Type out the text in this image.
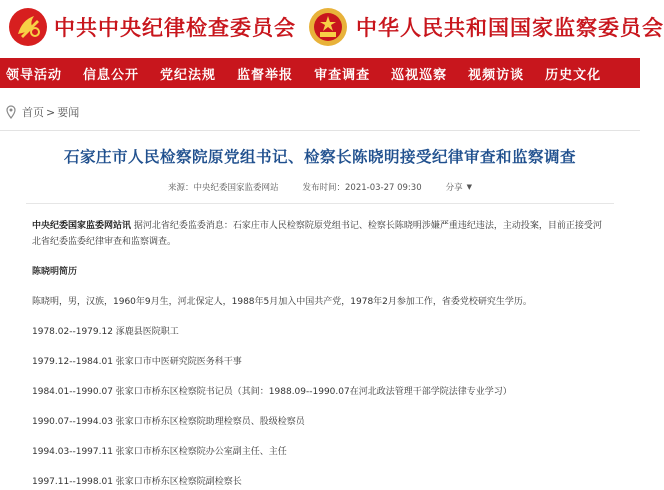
中共中央纪律检查委员会	中华人民共和国国家监察委员会
领导活动 信息公开 党纪法规 监督举报 审查调查 巡视巡察 视频访谈 历史文化
首页 > 要闻
石家庄市人民检察院原党组书记、检察长陈晓明接受纪律审查和监察调查
来源：中央纪委国家监委网站	发布时间：2021-03-27 09:30	分享 ▼

中央纪委国家监委网站讯 据河北省纪委监委消息：石家庄市人民检察院原党组书记、检察长陈晓明涉嫌严重违纪违法，主动投案，目前正接受河北省纪委监委纪律审查和监察调查。

陈晓明简历

陈晓明，男，汉族，1960年9月生，河北保定人，1988年5月加入中国共产党，1978年2月参加工作，省委党校研究生学历。

1978.02--1979.12 涿鹿县医院职工

1979.12--1984.01 张家口市中医研究院医务科干事

1984.01--1990.07 张家口市桥东区检察院书记员（其间：1988.09--1990.07在河北政法管理干部学院法律专业学习）

1990.07--1994.03 张家口市桥东区检察院助理检察员、股级检察员

1994.03--1997.11 张家口市桥东区检察院办公室副主任、主任

1997.11--1998.01 张家口市桥东区检察院副检察长
